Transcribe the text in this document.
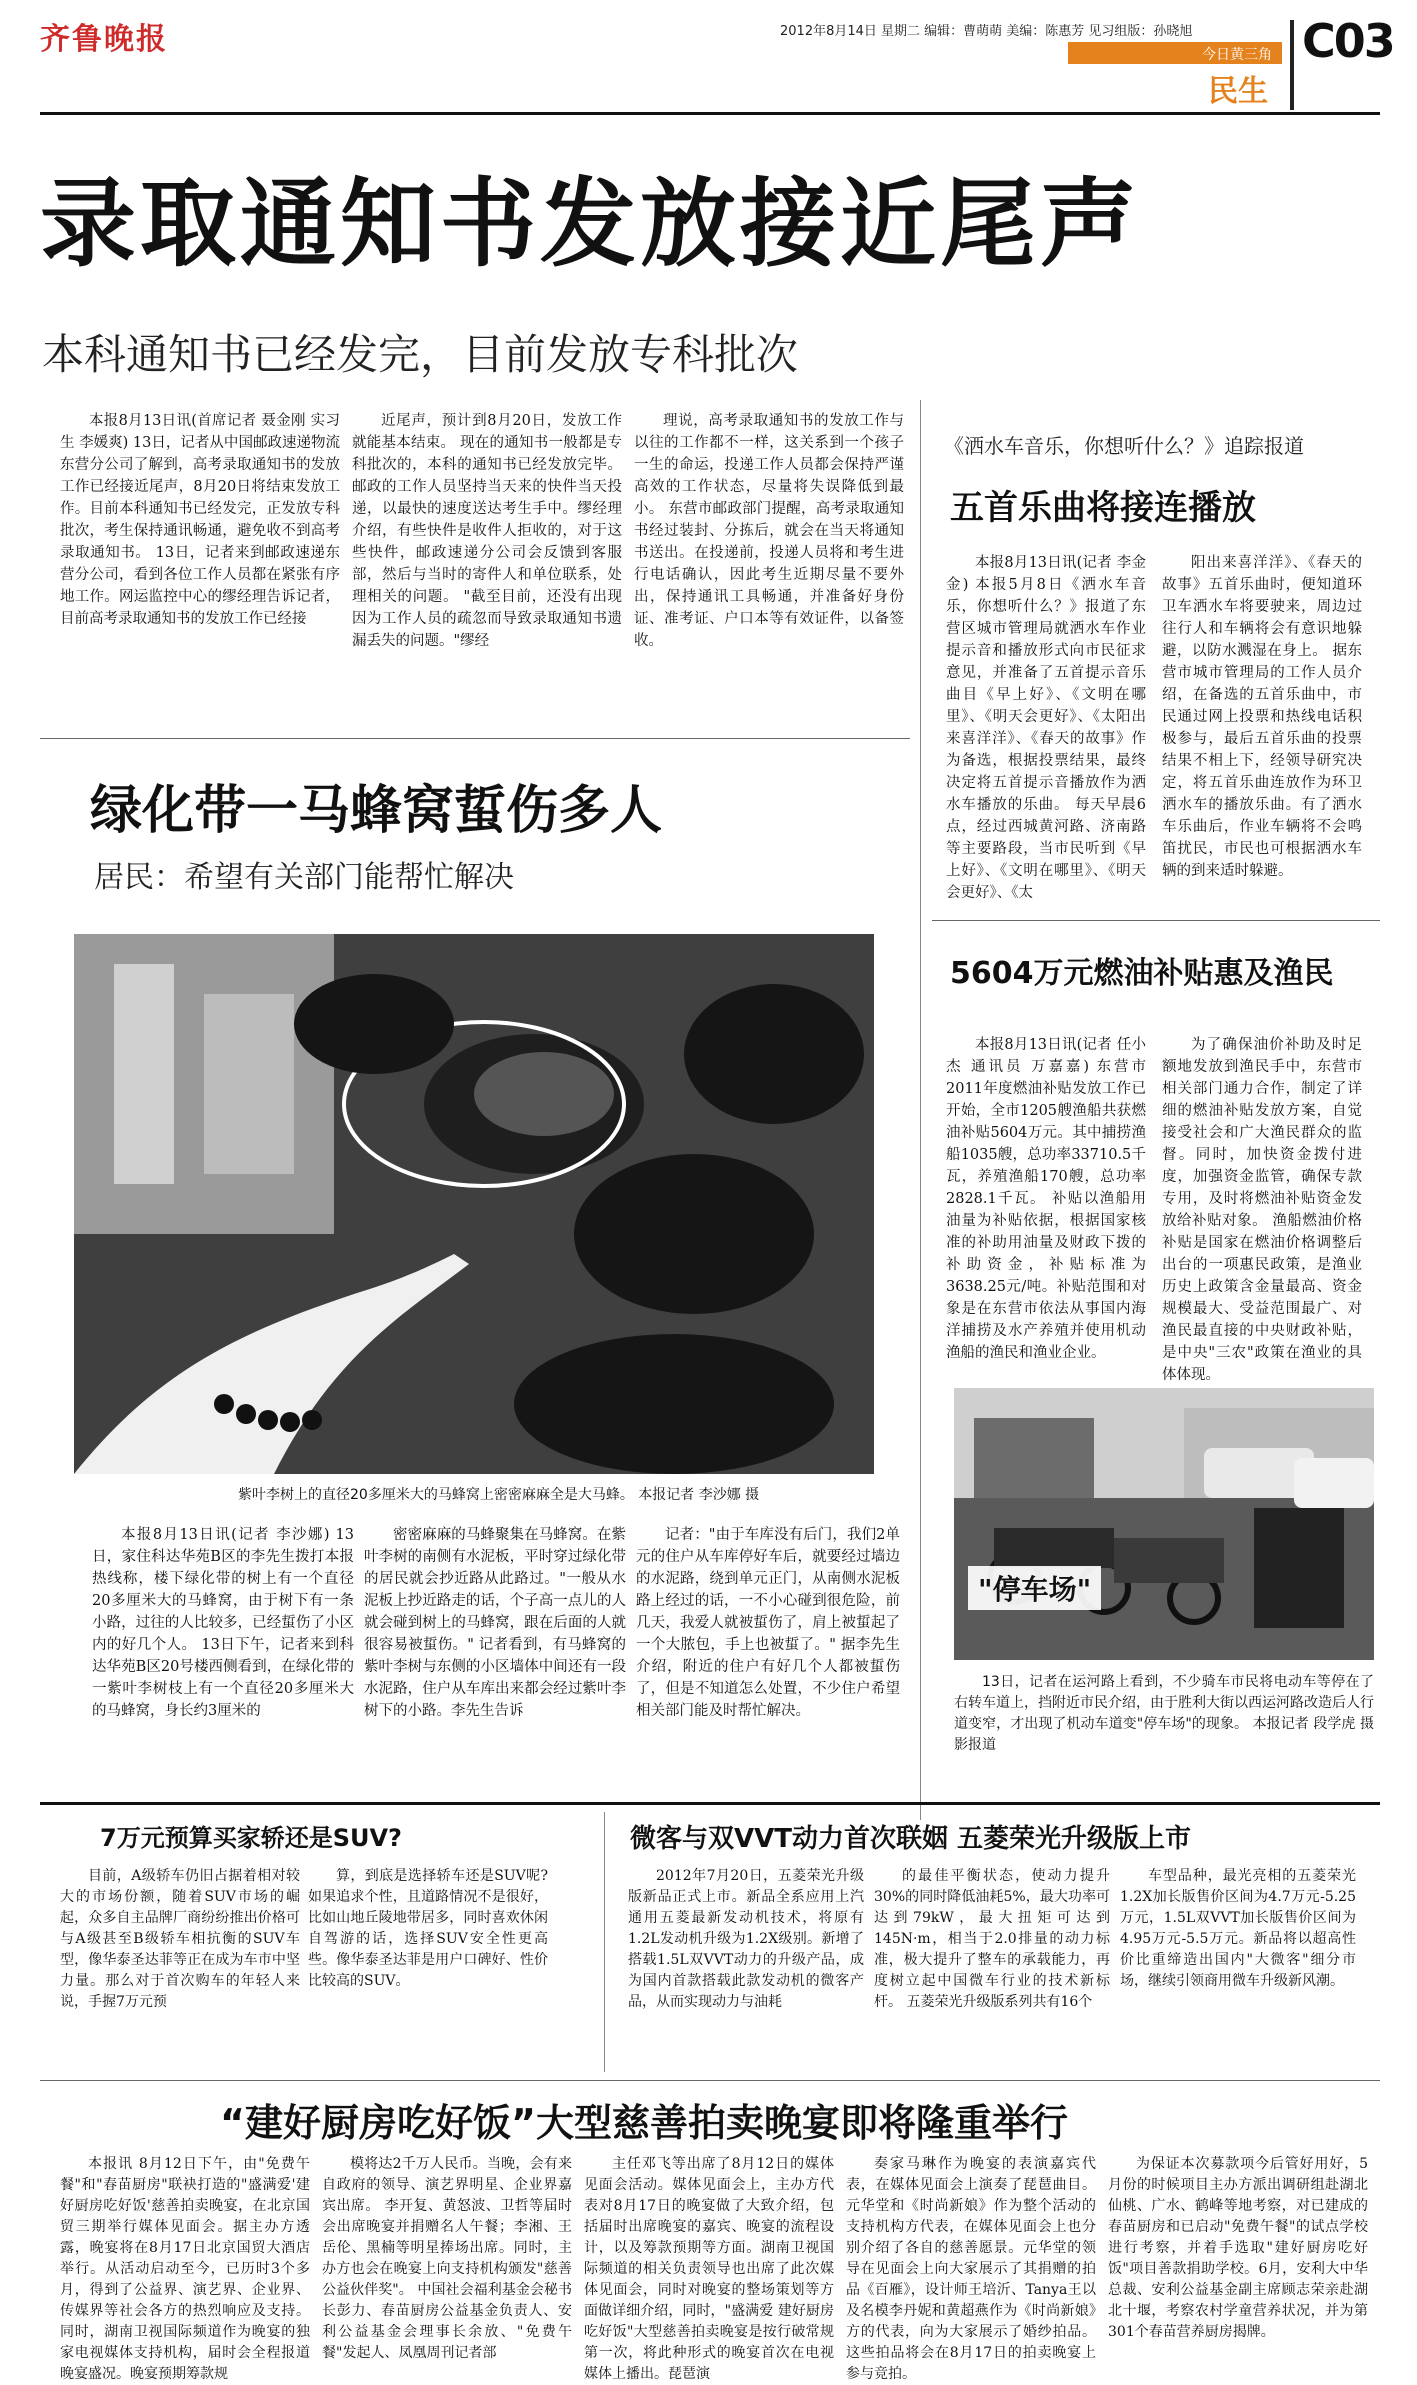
齐鲁晚报	2012年8月14日 星期二 编辑：曹萌萌 美编：陈惠芳 见习组版：孙晓旭
今日黄三角
民生
C03
录取通知书发放接近尾声
本科通知书已经发完，目前发放专科批次
本报8月13日讯(首席记者 聂金刚 实习生 李媛爽) 13日，记者从中国邮政速递物流东营分公司了解到，高考录取通知书的发放工作已经接近尾声，8月20日将结束发放工作。目前本科通知书已经发完，正发放专科批次，考生保持通讯畅通，避免收不到高考录取通知书。 13日，记者来到邮政速递东营分公司，看到各位工作人员都在紧张有序地工作。网运监控中心的缪经理告诉记者，目前高考录取通知书的发放工作已经接
近尾声，预计到8月20日，发放工作就能基本结束。 现在的通知书一般都是专科批次的，本科的通知书已经发放完毕。邮政的工作人员坚持当天来的快件当天投递，以最快的速度送达考生手中。缪经理介绍，有些快件是收件人拒收的，对于这些快件，邮政速递分公司会反馈到客服部，然后与当时的寄件人和单位联系，处理相关的问题。 "截至目前，还没有出现因为工作人员的疏忽而导致录取通知书遗漏丢失的问题。"缪经
理说，高考录取通知书的发放工作与以往的工作都不一样，这关系到一个孩子一生的命运，投递工作人员都会保持严谨高效的工作状态，尽量将失误降低到最小。 东营市邮政部门提醒，高考录取通知书经过装封、分拣后，就会在当天将通知书送出。在投递前，投递人员将和考生进行电话确认，因此考生近期尽量不要外出，保持通讯工具畅通，并准备好身份证、准考证、户口本等有效证件，以备签收。
《洒水车音乐，你想听什么？》追踪报道
五首乐曲将接连播放
本报8月13日讯(记者 李金金) 本报5月8日《洒水车音乐，你想听什么？》报道了东营区城市管理局就洒水车作业提示音和播放形式向市民征求意见，并准备了五首提示音乐曲目《早上好》、《文明在哪里》、《明天会更好》、《太阳出来喜洋洋》、《春天的故事》作为备选，根据投票结果，最终决定将五首提示音播放作为洒水车播放的乐曲。 每天早晨6点，经过西城黄河路、济南路等主要路段，当市民听到《早上好》、《文明在哪里》、《明天会更好》、《太
阳出来喜洋洋》、《春天的故事》五首乐曲时，便知道环卫车洒水车将要驶来，周边过往行人和车辆将会有意识地躲避，以防水溅湿在身上。 据东营市城市管理局的工作人员介绍，在备选的五首乐曲中，市民通过网上投票和热线电话积极参与，最后五首乐曲的投票结果不相上下，经领导研究决定，将五首乐曲连放作为环卫洒水车的播放乐曲。有了洒水车乐曲后，作业车辆将不会鸣笛扰民，市民也可根据洒水车辆的到来适时躲避。
5604万元燃油补贴惠及渔民
本报8月13日讯(记者 任小杰 通讯员 万嘉嘉) 东营市2011年度燃油补贴发放工作已开始，全市1205艘渔船共获燃油补贴5604万元。其中捕捞渔船1035艘，总功率33710.5千瓦，养殖渔船170艘，总功率2828.1千瓦。 补贴以渔船用油量为补贴依据，根据国家核准的补助用油量及财政下拨的补助资金，补贴标准为3638.25元/吨。补贴范围和对象是在东营市依法从事国内海洋捕捞及水产养殖并使用机动渔船的渔民和渔业企业。
为了确保油价补助及时足额地发放到渔民手中，东营市相关部门通力合作，制定了详细的燃油补贴发放方案，自觉接受社会和广大渔民群众的监督。同时，加快资金拨付进度，加强资金监管，确保专款专用，及时将燃油补贴资金发放给补贴对象。 渔船燃油价格补贴是国家在燃油价格调整后出台的一项惠民政策，是渔业历史上政策含金量最高、资金规模最大、受益范围最广、对渔民最直接的中央财政补贴，是中央"三农"政策在渔业的具体体现。
"停车场"
13日，记者在运河路上看到，不少骑车市民将电动车等停在了右转车道上，挡附近市民介绍，由于胜利大街以西运河路改造后人行道变窄，才出现了机动车道变"停车场"的现象。 本报记者 段学虎 摄影报道
绿化带一马蜂窝蜇伤多人
居民：希望有关部门能帮忙解决
紫叶李树上的直径20多厘米大的马蜂窝上密密麻麻全是大马蜂。 本报记者 李沙娜 摄
本报8月13日讯(记者 李沙娜) 13日，家住科达华苑B区的李先生拨打本报热线称，楼下绿化带的树上有一个直径20多厘米大的马蜂窝，由于树下有一条小路，过往的人比较多，已经蜇伤了小区内的好几个人。 13日下午，记者来到科达华苑B区20号楼西侧看到，在绿化带的一紫叶李树枝上有一个直径20多厘米大的马蜂窝，身长约3厘米的
密密麻麻的马蜂聚集在马蜂窝。在紫叶李树的南侧有水泥板，平时穿过绿化带的居民就会抄近路从此路过。"一般从水泥板上抄近路走的话，个子高一点儿的人就会碰到树上的马蜂窝，跟在后面的人就很容易被蜇伤。" 记者看到，有马蜂窝的紫叶李树与东侧的小区墙体中间还有一段水泥路，住户从车库出来都会经过紫叶李树下的小路。李先生告诉
记者："由于车库没有后门，我们2单元的住户从车库停好车后，就要经过墙边的水泥路，绕到单元正门，从南侧水泥板路上经过的话，一不小心碰到很危险，前几天，我爱人就被蜇伤了，肩上被蜇起了一个大脓包，手上也被蜇了。" 据李先生介绍，附近的住户有好几个人都被蜇伤了，但是不知道怎么处置，不少住户希望相关部门能及时帮忙解决。
7万元预算买家轿还是SUV?
目前，A级轿车仍旧占据着相对较大的市场份额，随着SUV市场的崛起，众多自主品牌厂商纷纷推出价格可与A级甚至B级轿车相抗衡的SUV车型，像华泰圣达菲等正在成为车市中坚力量。那么对于首次购车的年轻人来说，手握7万元预
算，到底是选择轿车还是SUV呢? 如果追求个性，且道路情况不是很好，比如山地丘陵地带居多，同时喜欢休闲自驾游的话，选择SUV安全性更高些。像华泰圣达菲是用户口碑好、性价比较高的SUV。
微客与双VVT动力首次联姻 五菱荣光升级版上市
2012年7月20日，五菱荣光升级版新品正式上市。新品全系应用上汽通用五菱最新发动机技术，将原有1.2L发动机升级为1.2X级别。新增了搭载1.5L双VVT动力的升级产品，成为国内首款搭载此款发动机的微客产品，从而实现动力与油耗
的最佳平衡状态，使动力提升30%的同时降低油耗5%，最大功率可达到79kW，最大扭矩可达到145N·m，相当于2.0排量的动力标准，极大提升了整车的承载能力，再度树立起中国微车行业的技术新标杆。 五菱荣光升级版系列共有16个
车型品种，最光亮相的五菱荣光1.2X加长版售价区间为4.7万元-5.25万元，1.5L双VVT加长版售价区间为4.95万元-5.5万元。新品将以超高性价比重缔造出国内"大微客"细分市场，继续引领商用微车升级新风潮。
“建好厨房吃好饭”大型慈善拍卖晚宴即将隆重举行
本报讯 8月12日下午，由"免费午餐"和"春苗厨房"联袂打造的"盛满爱'建好厨房吃好饭'慈善拍卖晚宴，在北京国贸三期举行媒体见面会。据主办方透露，晚宴将在8月17日北京国贸大酒店举行。从活动启动至今，已历时3个多月，得到了公益界、演艺界、企业界、传媒界等社会各方的热烈响应及支持。同时，湖南卫视国际频道作为晚宴的独家电视媒体支持机构，届时会全程报道晚宴盛况。晚宴预期筹款规
模将达2千万人民币。当晚，会有来自政府的领导、演艺界明星、企业界嘉宾出席。 李开复、黄怒波、卫哲等届时会出席晚宴并捐赠名人午餐；李湘、王岳伦、黑楠等明星捧场出席。同时，主办方也会在晚宴上向支持机构颁发"慈善公益伙伴奖"。 中国社会福利基金会秘书长彭力、春苗厨房公益基金负责人、安利公益基金会理事长余放、"免费午餐"发起人、凤凰周刊记者部
主任邓飞等出席了8月12日的媒体见面会活动。媒体见面会上，主办方代表对8月17日的晚宴做了大致介绍，包括届时出席晚宴的嘉宾、晚宴的流程设计，以及筹款预期等方面。湖南卫视国际频道的相关负责领导也出席了此次媒体见面会，同时对晚宴的整场策划等方面做详细介绍，同时，"盛满爱 建好厨房吃好饭"大型慈善拍卖晚宴是按行破常规第一次，将此种形式的晚宴首次在电视媒体上播出。琵琶演
奏家马琳作为晚宴的表演嘉宾代表，在媒体见面会上演奏了琵琶曲目。元华堂和《时尚新娘》作为整个活动的支持机构方代表，在媒体见面会上也分别介绍了各自的慈善愿景。元华堂的领导在见面会上向大家展示了其捐赠的拍品《百雁》，设计师王培沂、Tanya王以及名模李丹妮和黄超燕作为《时尚新娘》方的代表，向为大家展示了婚纱拍品。这些拍品将会在8月17日的拍卖晚宴上参与竞拍。
为保证本次募款项今后管好用好，5月份的时候项目主办方派出调研组赴湖北仙桃、广水、鹤峰等地考察，对已建成的春苗厨房和已启动"免费午餐"的试点学校进行考察，并着手选取"建好厨房吃好饭"项目善款捐助学校。6月，安利大中华总裁、安利公益基金副主席顾志荣亲赴湖北十堰，考察农村学童营养状况，并为第301个春苗营养厨房揭牌。
